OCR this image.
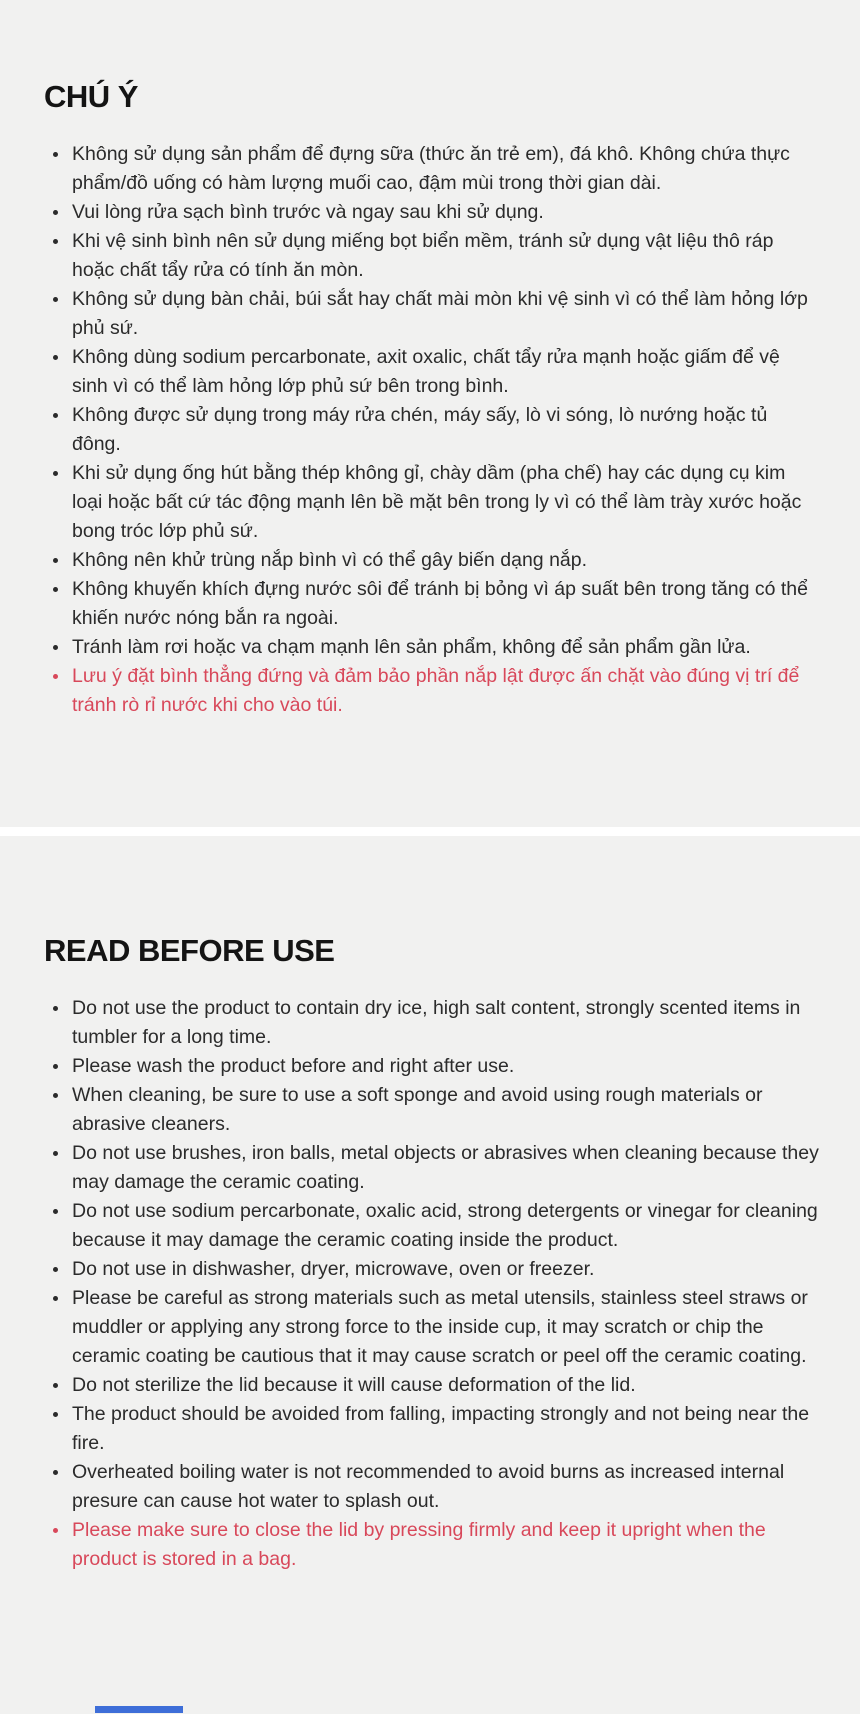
CHÚ Ý
Không sử dụng sản phẩm để đựng sữa (thức ăn trẻ em), đá khô. Không chứa thực phẩm/đồ uống có hàm lượng muối cao, đậm mùi trong thời gian dài.
Vui lòng rửa sạch bình trước và ngay sau khi sử dụng.
Khi vệ sinh bình nên sử dụng miếng bọt biển mềm, tránh sử dụng vật liệu thô ráp hoặc chất tẩy rửa có tính ăn mòn.
Không sử dụng bàn chải, búi sắt hay chất mài mòn khi vệ sinh vì có thể làm hỏng lớp phủ sứ.
Không dùng sodium percarbonate, axit oxalic, chất tẩy rửa mạnh hoặc giấm để vệ sinh vì có thể làm hỏng lớp phủ sứ bên trong bình.
Không được sử dụng trong máy rửa chén, máy sấy, lò vi sóng, lò nướng hoặc tủ đông.
Khi sử dụng ống hút bằng thép không gỉ, chày dầm (pha chế) hay các dụng cụ kim loại hoặc bất cứ tác động mạnh lên bề mặt bên trong ly vì có thể làm trày xước hoặc bong tróc lớp phủ sứ.
Không nên khử trùng nắp bình vì có thể gây biến dạng nắp.
Không khuyến khích đựng nước sôi để tránh bị bỏng vì áp suất bên trong tăng có thể khiến nước nóng bắn ra ngoài.
Tránh làm rơi hoặc va chạm mạnh lên sản phẩm, không để sản phẩm gần lửa.
Lưu ý đặt bình thẳng đứng và đảm bảo phần nắp lật được ấn chặt vào đúng vị trí để tránh rò rỉ nước khi cho vào túi.
READ BEFORE USE
Do not use the product to contain dry ice, high salt content, strongly scented items in tumbler for a long time.
Please wash the product before and right after use.
When cleaning, be sure to use a soft sponge and avoid using rough materials or abrasive cleaners.
Do not use brushes, iron balls, metal objects or abrasives when cleaning because they may damage the ceramic coating.
Do not use sodium percarbonate, oxalic acid, strong detergents or vinegar for cleaning because it may damage the ceramic coating inside the product.
Do not use in dishwasher, dryer, microwave, oven or freezer.
Please be careful as strong materials such as metal utensils, stainless steel straws or muddler or applying any strong force to the inside cup, it may scratch or chip the ceramic coating be cautious that it may cause scratch or peel off the ceramic coating.
Do not sterilize the lid because it will cause deformation of the lid.
The product should be avoided from falling, impacting strongly and not being near the fire.
Overheated boiling water is not recommended to avoid burns as increased internal presure can cause hot water to splash out.
Please make sure to close the lid by pressing firmly and keep it upright when the product is stored in a bag.
